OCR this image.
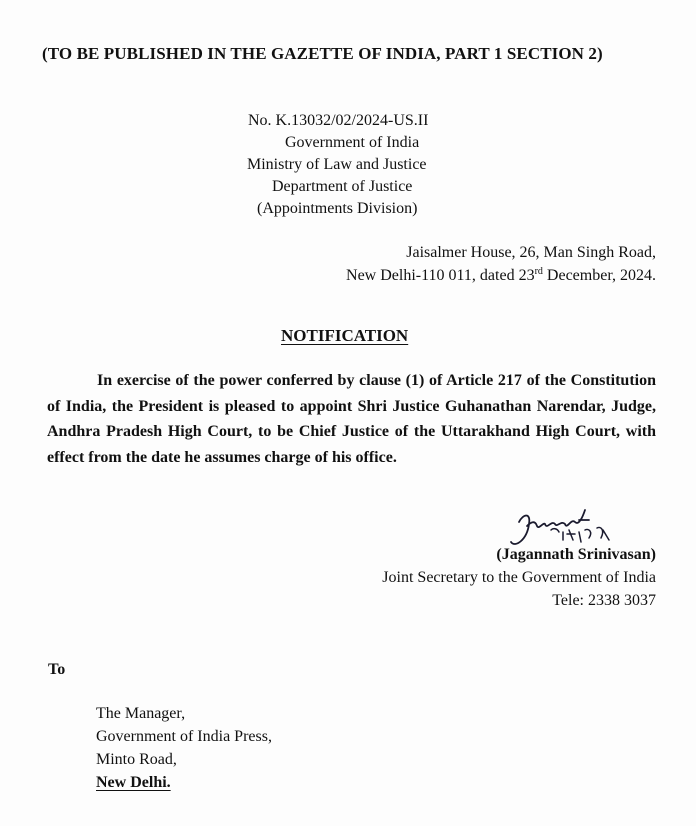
(TO BE PUBLISHED IN THE GAZETTE OF INDIA, PART 1 SECTION 2)
No. K.13032/02/2024-US.II
Government of India
Ministry of Law and Justice
Department of Justice
(Appointments Division)
Jaisalmer House, 26, Man Singh Road,
New Delhi-110 011, dated 23rd December, 2024.
NOTIFICATION

In exercise of the power conferred by clause (1) of Article 217 of the Constitution of India, the President is pleased to appoint Shri Justice Guhanathan Narendar, Judge, Andhra Pradesh High Court, to be Chief Justice of the Uttarakhand High Court, with effect from the date he assumes charge of his office.

(Jagannath Srinivasan)
Joint Secretary to the Government of India
Tele: 2338 3037
To
The Manager,
Government of India Press,
Minto Road,
New Delhi.
